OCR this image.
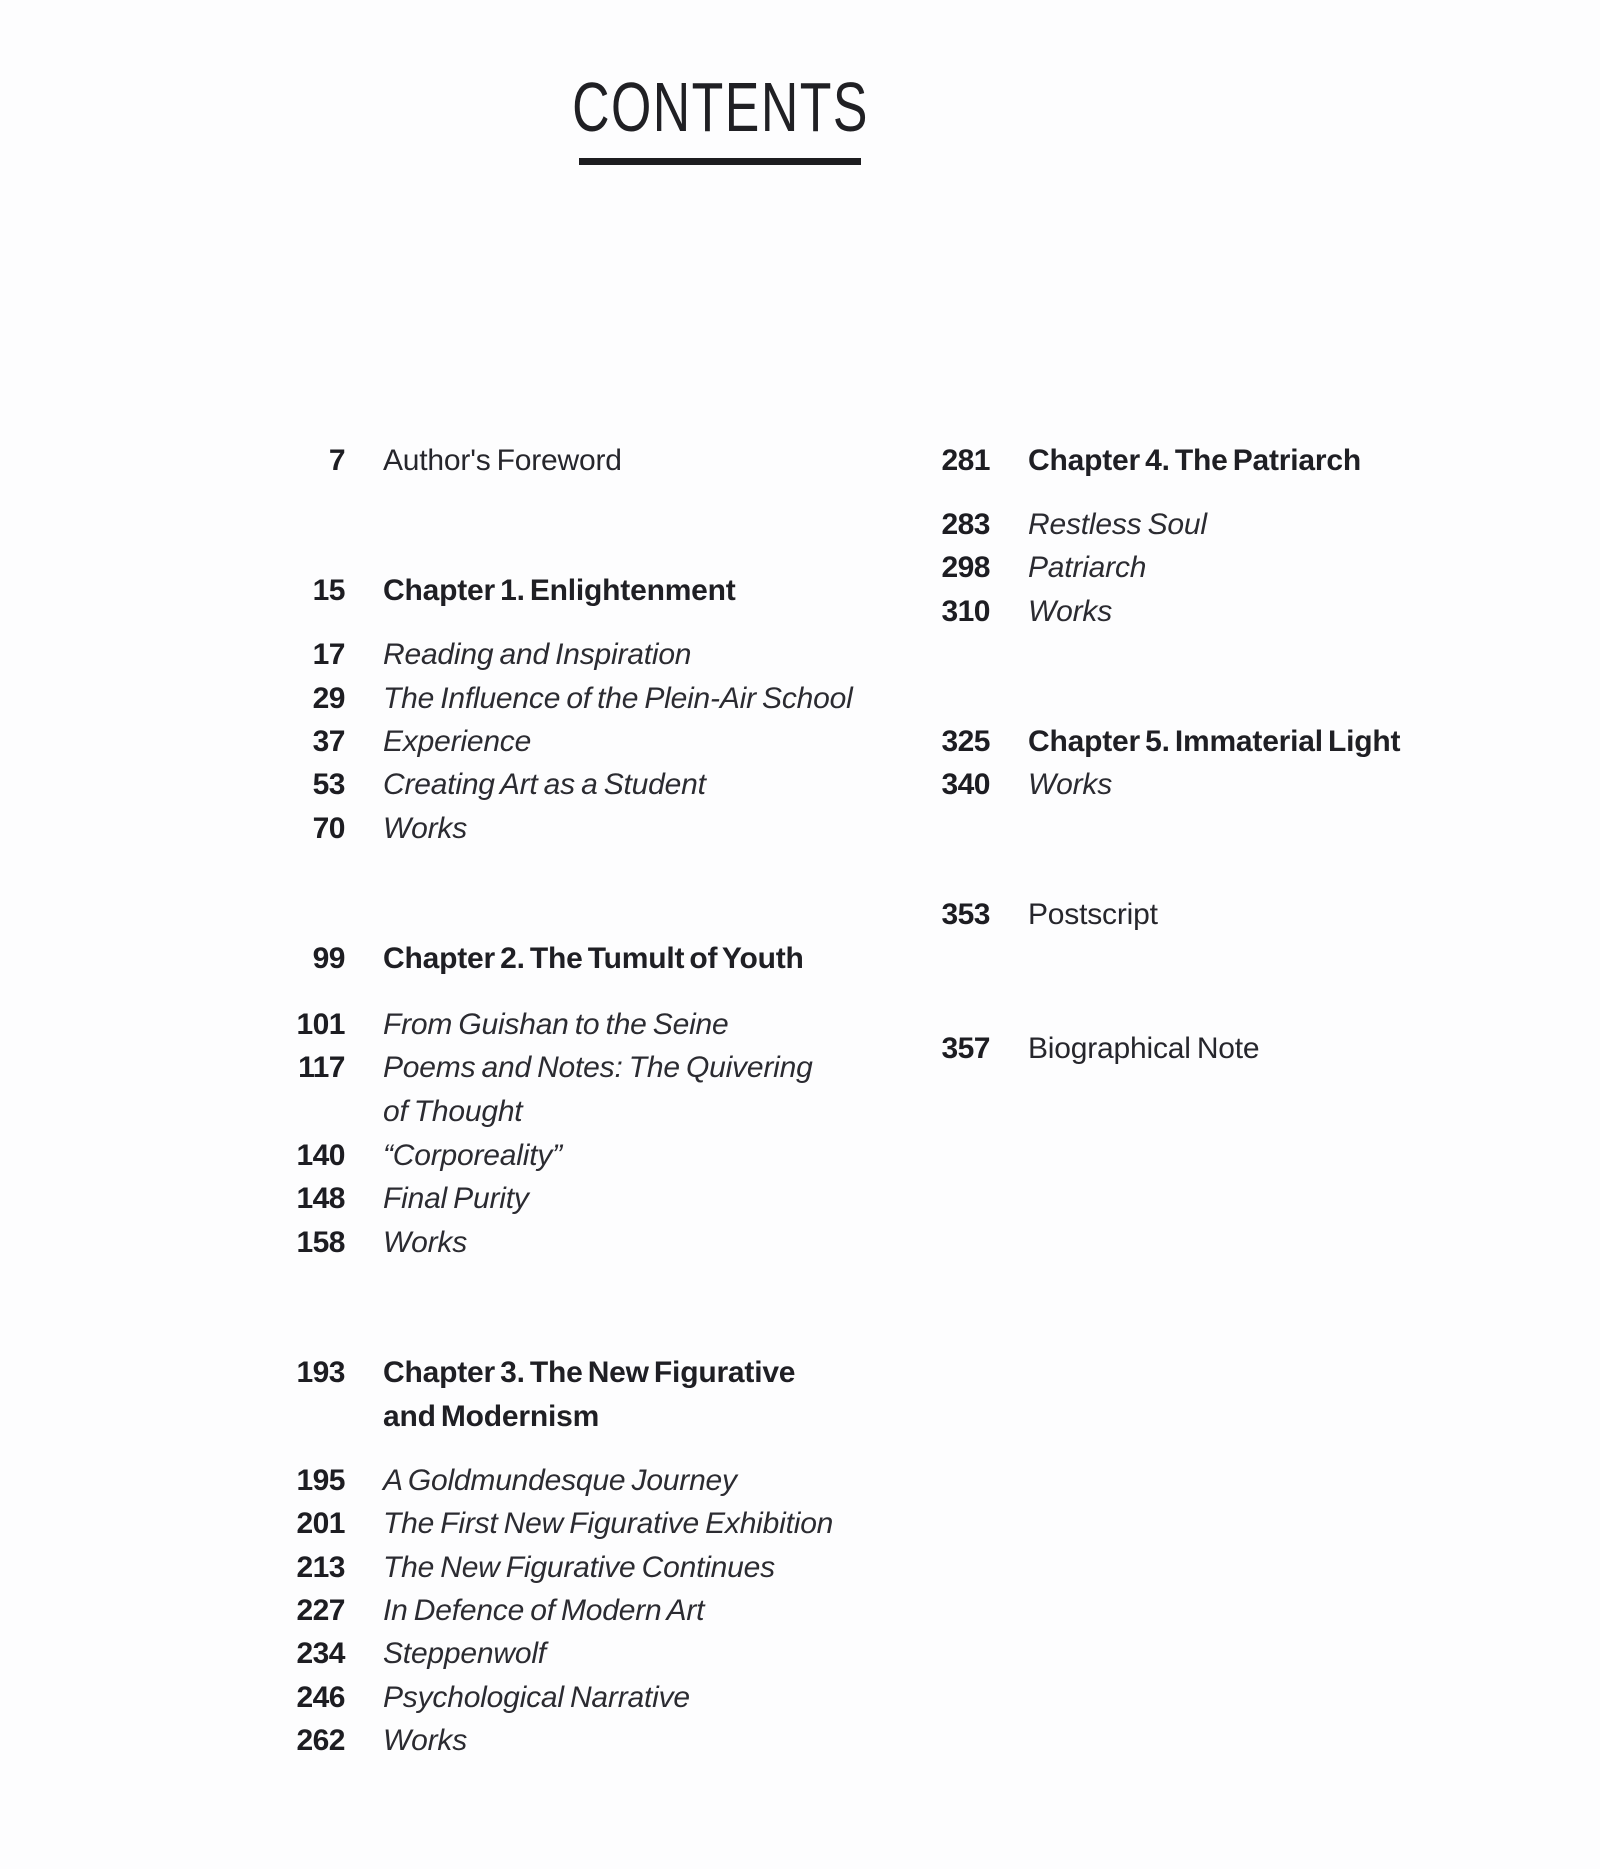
CONTENTS
7 Author's Foreword
15 Chapter 1. Enlightenment
17 Reading and Inspiration
29 The Influence of the Plein-Air School
37 Experience
53 Creating Art as a Student
70 Works
99 Chapter 2. The Tumult of Youth
101 From Guishan to the Seine
117 Poems and Notes: The Quivering
of Thought
140 “Corporeality”
148 Final Purity
158 Works
193 Chapter 3. The New Figurative
and Modernism
195 A Goldmundesque Journey
201 The First New Figurative Exhibition
213 The New Figurative Continues
227 In Defence of Modern Art
234 Steppenwolf
246 Psychological Narrative
262 Works
281 Chapter 4. The Patriarch
283 Restless Soul
298 Patriarch
310 Works
325 Chapter 5. Immaterial Light
340 Works
353 Postscript
357 Biographical Note
